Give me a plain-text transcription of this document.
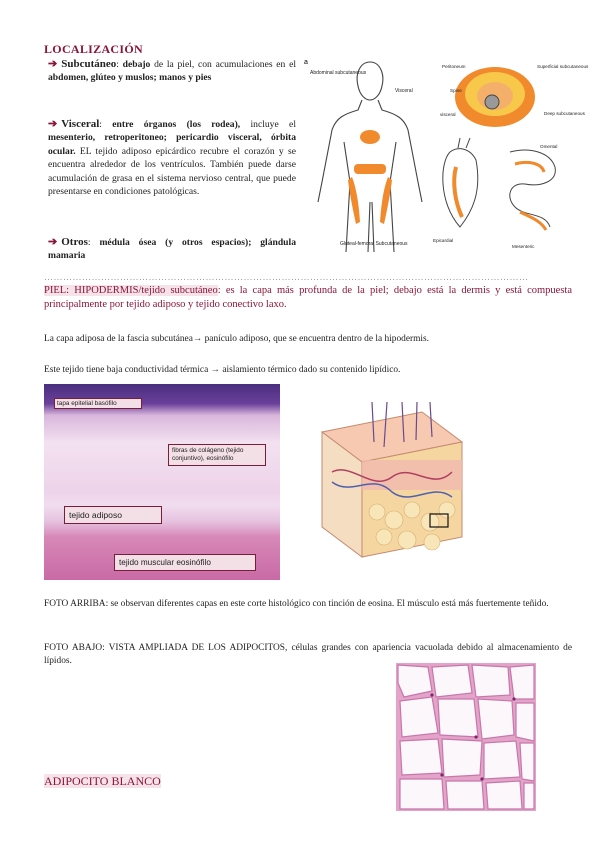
LOCALIZACIÓN
➔ Subcutáneo: debajo de la piel, con acumulaciones en el abdomen, glúteo y muslos; manos y pies
➔ Visceral: entre órganos (los rodea), incluye el mesenterio, retroperitoneo; pericardio visceral, órbita ocular. EL tejido adiposo epicárdico recubre el corazón y se encuentra alrededor de los ventrículos. También puede darse acumulación de grasa en el sistema nervioso central, que puede presentarse en condiciones patológicas.
➔ Otros: médula ósea (y otros espacios); glándula mamaria
a
Abdominal subcutaneous
Visceral
Gluteal-femoral Subcutaneous
Peritoneum	Superficial subcutaneous
Spine
visceral	Deep subcutaneous
Omental
Epicardial
Mesenteric
………………………………………………………………………………………………………………………………………
PIEL: HIPODERMIS/tejido subcutáneo: es la capa más profunda de la piel; debajo está la dermis y está compuesta principalmente por tejido adiposo y tejido conectivo laxo.
La capa adiposa de la fascia subcutánea→ panículo adiposo, que se encuentra dentro de la hipodermis.
Este tejido tiene baja conductividad térmica → aislamiento térmico dado su contenido lipídico.
tapa epitelial basófilo
fibras de colágeno (tejido conjuntivo), eosinófilo
tejido adiposo
tejido muscular eosinófilo
FOTO ARRIBA: se observan diferentes capas en este corte histológico con tinción de eosina. El músculo está más fuertemente teñido.
FOTO ABAJO: VISTA AMPLIADA DE LOS ADIPOCITOS, células grandes con apariencia vacuolada debido al almacenamiento de lípidos.
ADIPOCITO BLANCO
